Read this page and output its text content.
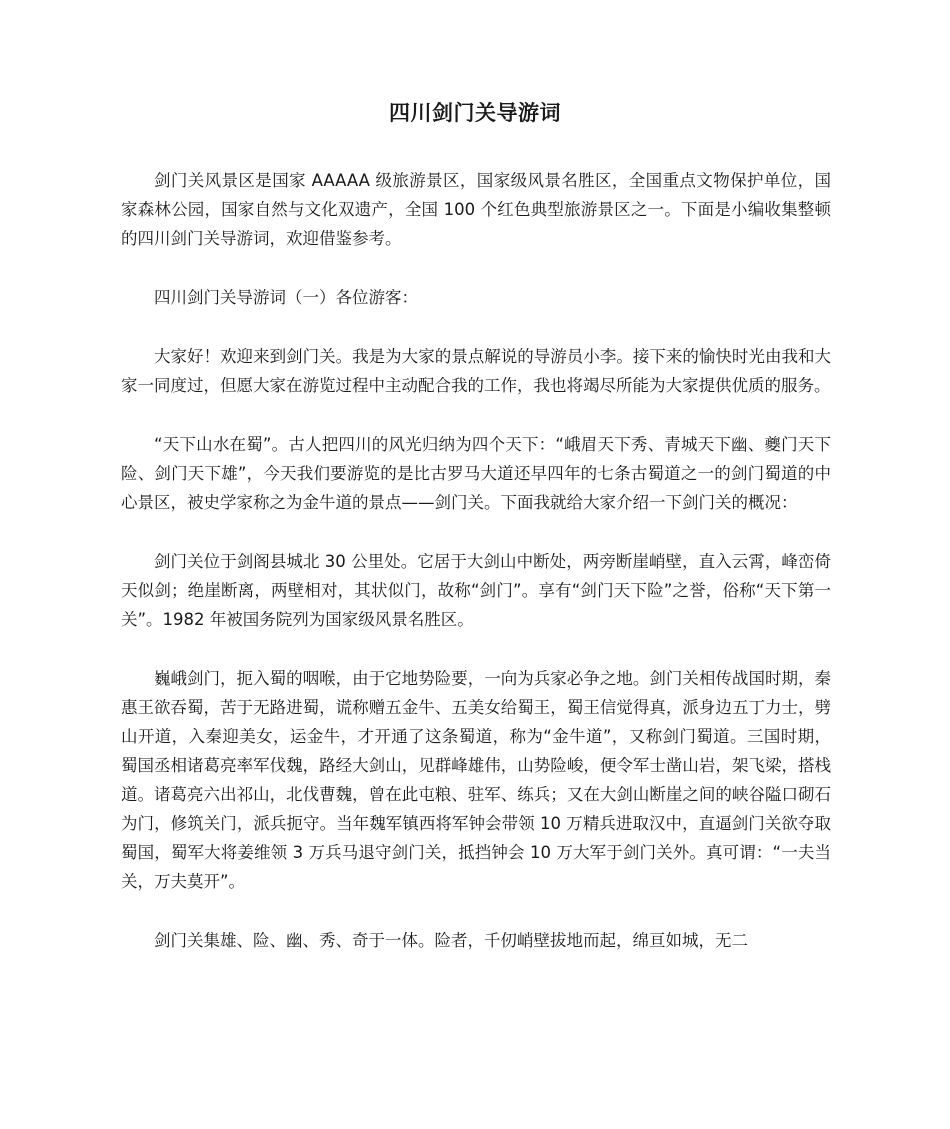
四川剑门关导游词

剑门关风景区是国家 AAAAA 级旅游景区，国家级风景名胜区，全国重点文物保护单位，国家森林公园，国家自然与文化双遗产，全国 100 个红色典型旅游景区之一。下面是小编收集整顿的四川剑门关导游词，欢迎借鉴参考。

四川剑门关导游词（一）各位游客：

大家好！欢迎来到剑门关。我是为大家的景点解说的导游员小李。接下来的愉快时光由我和大家一同度过，但愿大家在游览过程中主动配合我的工作，我也将竭尽所能为大家提供优质的服务。

“天下山水在蜀”。古人把四川的风光归纳为四个天下：“峨眉天下秀、青城天下幽、夔门天下险、剑门天下雄”，今天我们要游览的是比古罗马大道还早四年的七条古蜀道之一的剑门蜀道的中心景区，被史学家称之为金牛道的景点——剑门关。下面我就给大家介绍一下剑门关的概况：

剑门关位于剑阁县城北 30 公里处。它居于大剑山中断处，两旁断崖峭壁，直入云霄，峰峦倚天似剑；绝崖断离，两壁相对，其状似门，故称“剑门”。享有“剑门天下险”之誉，俗称“天下第一关”。1982 年被国务院列为国家级风景名胜区。

巍峨剑门，扼入蜀的咽喉，由于它地势险要，一向为兵家必争之地。剑门关相传战国时期，秦惠王欲吞蜀，苦于无路进蜀，谎称赠五金牛、五美女给蜀王，蜀王信觉得真，派身边五丁力士，劈山开道，入秦迎美女，运金牛，才开通了这条蜀道，称为“金牛道”，又称剑门蜀道。三国时期，蜀国丞相诸葛亮率军伐魏，路经大剑山，见群峰雄伟，山势险峻，便令军士凿山岩，架飞梁，搭栈道。诸葛亮六出祁山，北伐曹魏，曾在此屯粮、驻军、练兵；又在大剑山断崖之间的峡谷隘口砌石为门，修筑关门，派兵扼守。当年魏军镇西将军钟会带领 10 万精兵进取汉中，直逼剑门关欲夺取蜀国，蜀军大将姜维领 3 万兵马退守剑门关，抵挡钟会 10 万大军于剑门关外。真可谓：“一夫当关，万夫莫开”。

剑门关集雄、险、幽、秀、奇于一体。险者，千仞峭壁拔地而起，绵亘如城，无二
